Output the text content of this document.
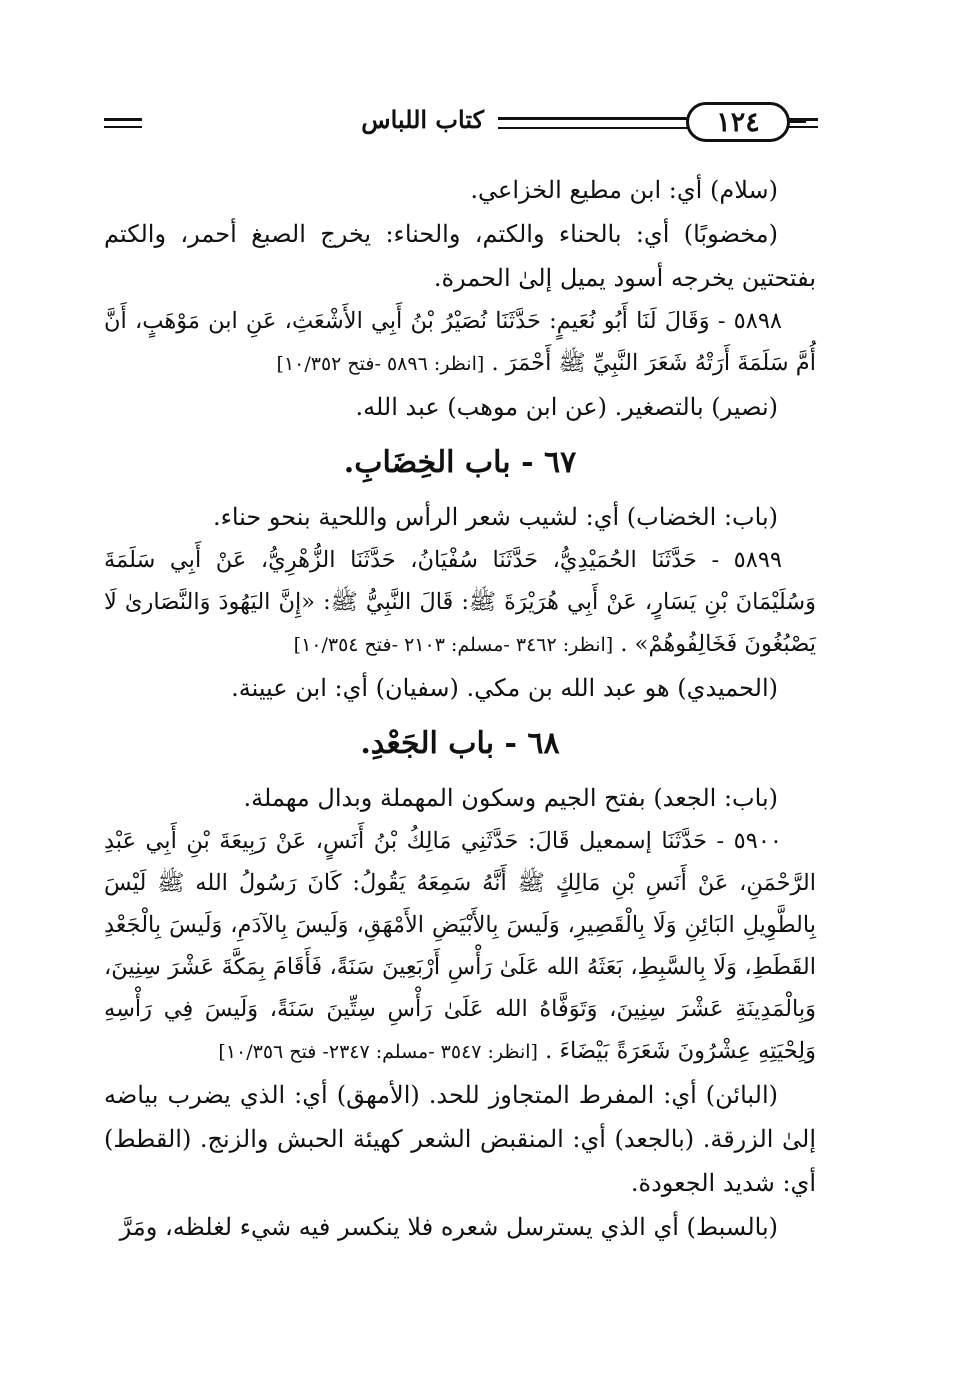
١٢٤
كتاب اللباس

(سلام) أي: ابن مطيع الخزاعي.

(مخضوبًا) أي: بالحناء والكتم، والحناء: يخرج الصبغ أحمر، والكتم بفتحتين يخرجه أسود يميل إلىٰ الحمرة.

٥٨٩٨ - وَقَالَ لَنَا أَبُو نُعَيمٍ: حَدَّثَنَا نُصَيْرُ بْنُ أَبِي الأَشْعَثِ، عَنِ ابن مَوْهَبٍ، أَنَّ أُمَّ سَلَمَةَ أَرَتْهُ شَعَرَ النَّبِيِّ ﷺ أَحْمَرَ . [انظر: ٥٨٩٦ -فتح ١٠/٣٥٢]

(نصير) بالتصغير. (عن ابن موهب) عبد الله.

٦٧ - باب الخِضَابِ.

(باب: الخضاب) أي: لشيب شعر الرأس واللحية بنحو حناء.

٥٨٩٩ - حَدَّثَنَا الحُمَيْدِيُّ، حَدَّثَنَا سُفْيَانُ، حَدَّثَنَا الزُّهْرِيُّ، عَنْ أَبِي سَلَمَةَ وَسُلَيْمَانَ بْنِ يَسَارٍ، عَنْ أَبِي هُرَيْرَةَ ﷺ: قَالَ النَّبِيُّ ﷺ: «إِنَّ اليَهُودَ وَالنَّصَارىٰ لَا يَصْبُغُونَ فَخَالِفُوهُمْ» . [انظر: ٣٤٦٢ -مسلم: ٢١٠٣ -فتح ١٠/٣٥٤]

(الحميدي) هو عبد الله بن مكي. (سفيان) أي: ابن عيينة.

٦٨ - باب الجَعْدِ.

(باب: الجعد) بفتح الجيم وسكون المهملة وبدال مهملة.

٥٩٠٠ - حَدَّثَنَا إسمعيل قَالَ: حَدَّثَنِي مَالِكُ بْنُ أَنَسٍ، عَنْ رَبِيعَةَ بْنِ أَبِي عَبْدِ الرَّحْمَنِ، عَنْ أَنَسِ بْنِ مَالِكٍ ﷺ أَنَّهُ سَمِعَهُ يَقُولُ: كَانَ رَسُولُ الله ﷺ لَيْسَ بِالطَّوِيلِ البَائِنِ وَلَا بِالْقَصِيرِ، وَلَيسَ بِالأَبْيَضِ الأَمْهَقِ، وَلَيسَ بِالآدَمِ، وَلَيسَ بِالْجَعْدِ القَطَطِ، وَلَا بِالسَّبِطِ، بَعَثَهُ الله عَلَىٰ رَأْسِ أَرْبَعِينَ سَنَةً، فَأَقَامَ بِمَكَّةَ عَشْرَ سِنِينَ، وَبِالْمَدِينَةِ عَشْرَ سِنِينَ، وَتَوَفَّاهُ الله عَلَىٰ رَأْسِ سِتِّينَ سَنَةً، وَلَيسَ فِي رَأْسِهِ وَلِحْيَتِهِ عِشْرُونَ شَعَرَةً بَيْضَاءَ . [انظر: ٣٥٤٧ -مسلم: ٢٣٤٧- فتح ١٠/٣٥٦]

(البائن) أي: المفرط المتجاوز للحد. (الأمهق) أي: الذي يضرب بياضه إلىٰ الزرقة. (بالجعد) أي: المنقبض الشعر كهيئة الحبش والزنج. (القطط) أي: شديد الجعودة.

(بالسبط) أي الذي يسترسل شعره فلا ينكسر فيه شيء لغلظه، ومَرَّ
